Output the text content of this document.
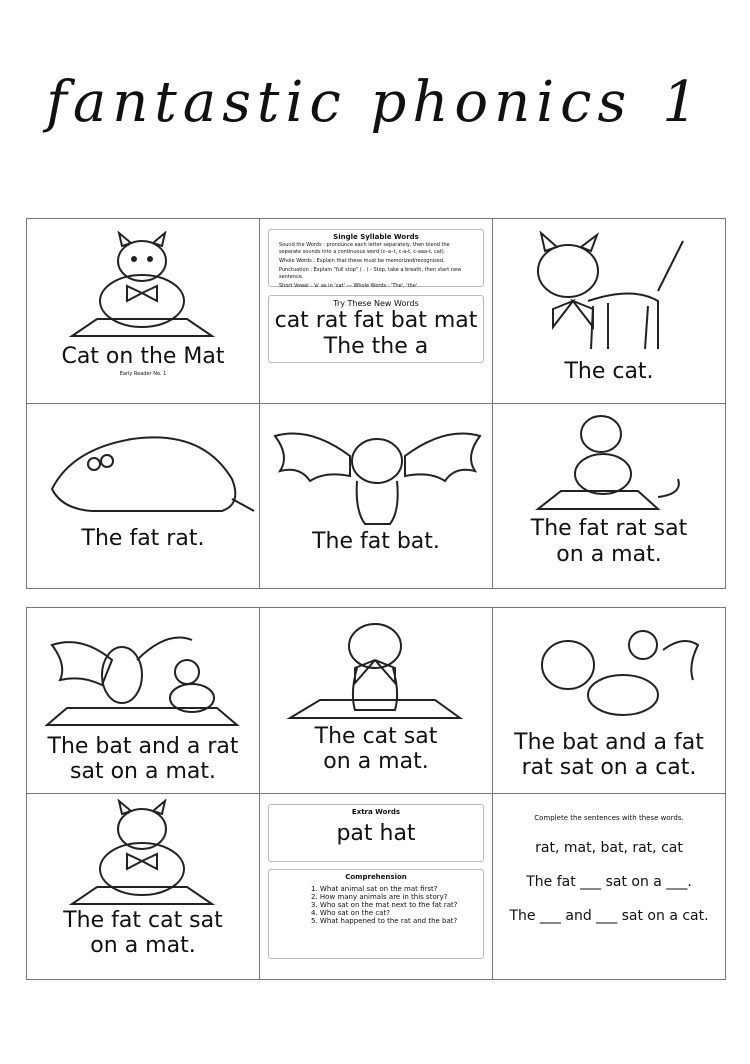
fantastic phonics 1
Cat on the Mat
Early Reader No. 1
Single Syllable Words
Sound the Words : pronounce each letter separately, then blend the separate sounds into a continuous word (c–a–t, c-a-t, c-aaa-t, cat).
Whole Words : Explain that these must be memorized/recognized.
Punctuation : Explain "full stop" ( . ) - Stop, take a breath, then start new sentence.
Short Vowel : 'a' as in 'cat' --- Whole Words : 'The', 'the'
Try These New Words
cat rat fat bat mat
The the a
The cat.
The fat rat.	The fat bat.
The fat rat sat
on a mat.
The bat and a rat
sat on a mat.
The cat sat
on a mat.
The bat and a fat
rat sat on a cat.
The fat cat sat
on a mat.
Extra Words
pat hat
Comprehension
1. What animal sat on the mat first?
2. How many animals are in this story?
3. Who sat on the mat next to the fat rat?
4. Who sat on the cat?
5. What happened to the rat and the bat?
Complete the sentences with these words.
rat, mat, bat, rat, cat
The fat ___ sat on a ___.
The ___ and ___ sat on a cat.
